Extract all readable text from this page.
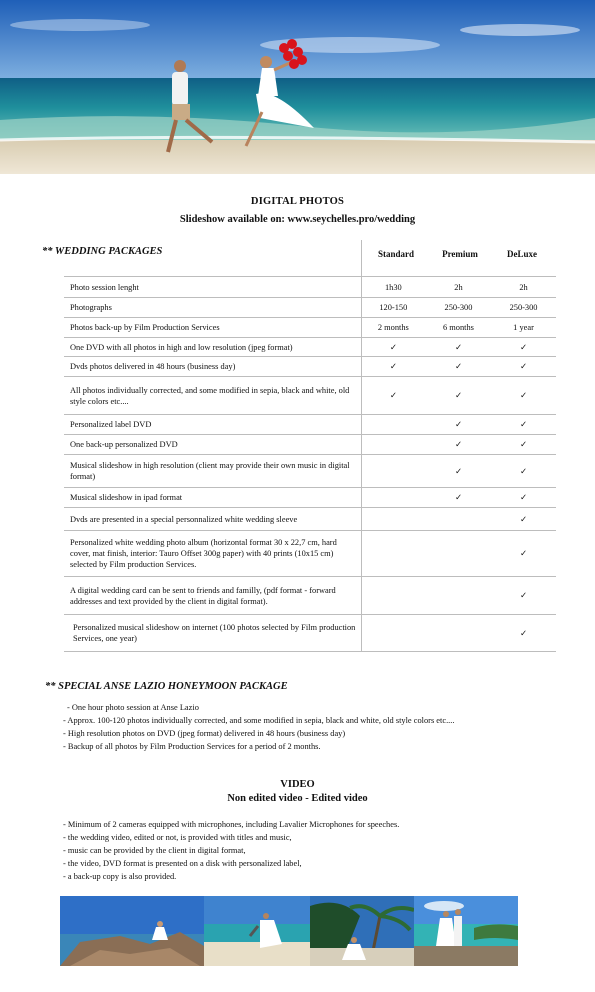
DIGITAL PHOTOS
Slideshow available on: www.seychelles.pro/wedding
** WEDDING PACKAGES	Standard	Premium	DeLuxe
Photo session lenght	1h30	2h	2h
Photographs	120-150	250-300	250-300
Photos back-up by Film Production Services	2 months	6 months	1 year
One DVD with all photos in high and low resolution (jpeg format)	✓	✓	✓
Dvds photos delivered in 48 hours (business day)	✓	✓	✓
All photos individually corrected, and some modified in sepia, black and white, old style colors etc....	✓	✓	✓
Personalized label DVD		✓	✓
One back-up personalized DVD		✓	✓
Musical slideshow in high resolution (client may provide their own music in digital format)		✓	✓
Musical slideshow in ipad format		✓	✓
Dvds are presented in a special personnalized white wedding sleeve			✓
Personalized white wedding photo album (horizontal format 30 x 22,7 cm, hard cover, mat finish, interior: Tauro Offset 300g paper) with 40 prints (10x15 cm) selected by Film production Services.			✓
A digital wedding card can be sent to friends and familly, (pdf format - forward addresses and text provided by the client in digital format).			✓
Personalized musical slideshow on internet (100 photos selected by Film production Services, one year)			✓
** SPECIAL ANSE LAZIO HONEYMOON PACKAGE
- One hour photo session at Anse Lazio
- Approx. 100-120 photos individually corrected, and some modified in sepia, black and white, old style colors etc....
- High resolution photos on DVD (jpeg format) delivered in 48 hours (business day)
- Backup of all photos by Film Production Services for a period of 2 months.
VIDEO
Non edited video - Edited video
- Minimum of 2 cameras equipped with microphones, including Lavalier Microphones for speeches.
- the wedding video, edited or not, is provided with titles and music,
- music can be provided by the client in digital format,
- the video, DVD format is presented on a disk with personalized label,
- a back-up copy is also provided.
